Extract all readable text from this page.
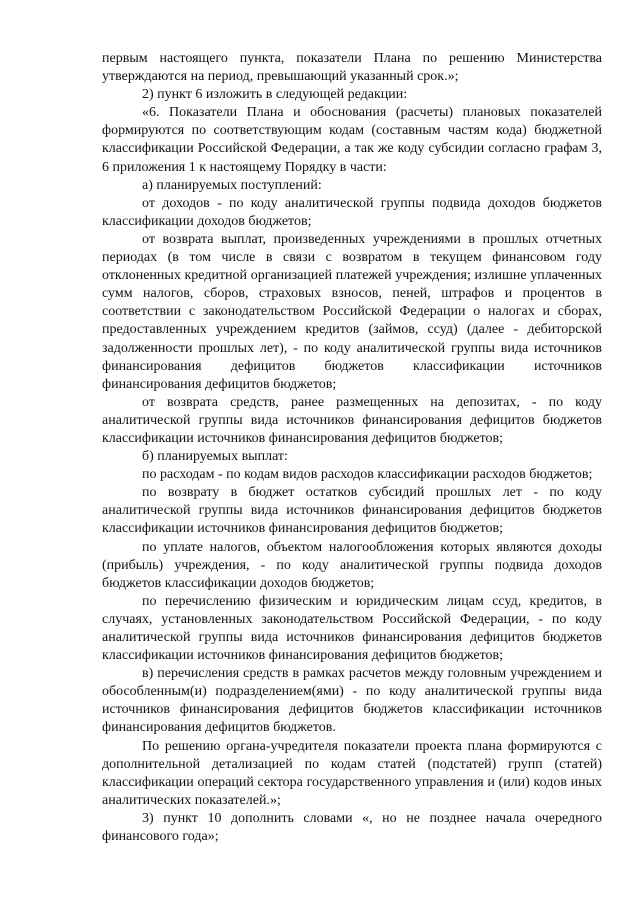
первым настоящего пункта, показатели Плана по решению Министерства утверждаются на период, превышающий указанный срок.»;

2) пункт 6 изложить в следующей редакции:

«6. Показатели Плана и обоснования (расчеты) плановых показателей формируются по соответствующим кодам (составным частям кода) бюджетной классификации Российской Федерации, а так же коду субсидии согласно графам 3, 6 приложения 1 к настоящему Порядку в части:

а) планируемых поступлений:

от доходов - по коду аналитической группы подвида доходов бюджетов классификации доходов бюджетов;

от возврата выплат, произведенных учреждениями в прошлых отчетных периодах (в том числе в связи с возвратом в текущем финансовом году отклоненных кредитной организацией платежей учреждения; излишне уплаченных сумм налогов, сборов, страховых взносов, пеней, штрафов и процентов в соответствии с законодательством Российской Федерации о налогах и сборах, предоставленных учреждением кредитов (займов, ссуд) (далее - дебиторской задолженности прошлых лет), - по коду аналитической группы вида источников финансирования дефицитов бюджетов классификации источников финансирования дефицитов бюджетов;

от возврата средств, ранее размещенных на депозитах, - по коду аналитической группы вида источников финансирования дефицитов бюджетов классификации источников финансирования дефицитов бюджетов;

б) планируемых выплат:

по расходам - по кодам видов расходов классификации расходов бюджетов;

по возврату в бюджет остатков субсидий прошлых лет - по коду аналитической группы вида источников финансирования дефицитов бюджетов классификации источников финансирования дефицитов бюджетов;

по уплате налогов, объектом налогообложения которых являются доходы (прибыль) учреждения, - по коду аналитической группы подвида доходов бюджетов классификации доходов бюджетов;

по перечислению физическим и юридическим лицам ссуд, кредитов, в случаях, установленных законодательством Российской Федерации, - по коду аналитической группы вида источников финансирования дефицитов бюджетов классификации источников финансирования дефицитов бюджетов;

в) перечисления средств в рамках расчетов между головным учреждением и обособленным(и) подразделением(ями) - по коду аналитической группы вида источников финансирования дефицитов бюджетов классификации источников финансирования дефицитов бюджетов.

По решению органа-учредителя показатели проекта плана формируются с дополнительной детализацией по кодам статей (подстатей) групп (статей) классификации операций сектора государственного управления и (или) кодов иных аналитических показателей.»;

3) пункт 10 дополнить словами «, но не позднее начала очередного финансового года»;
